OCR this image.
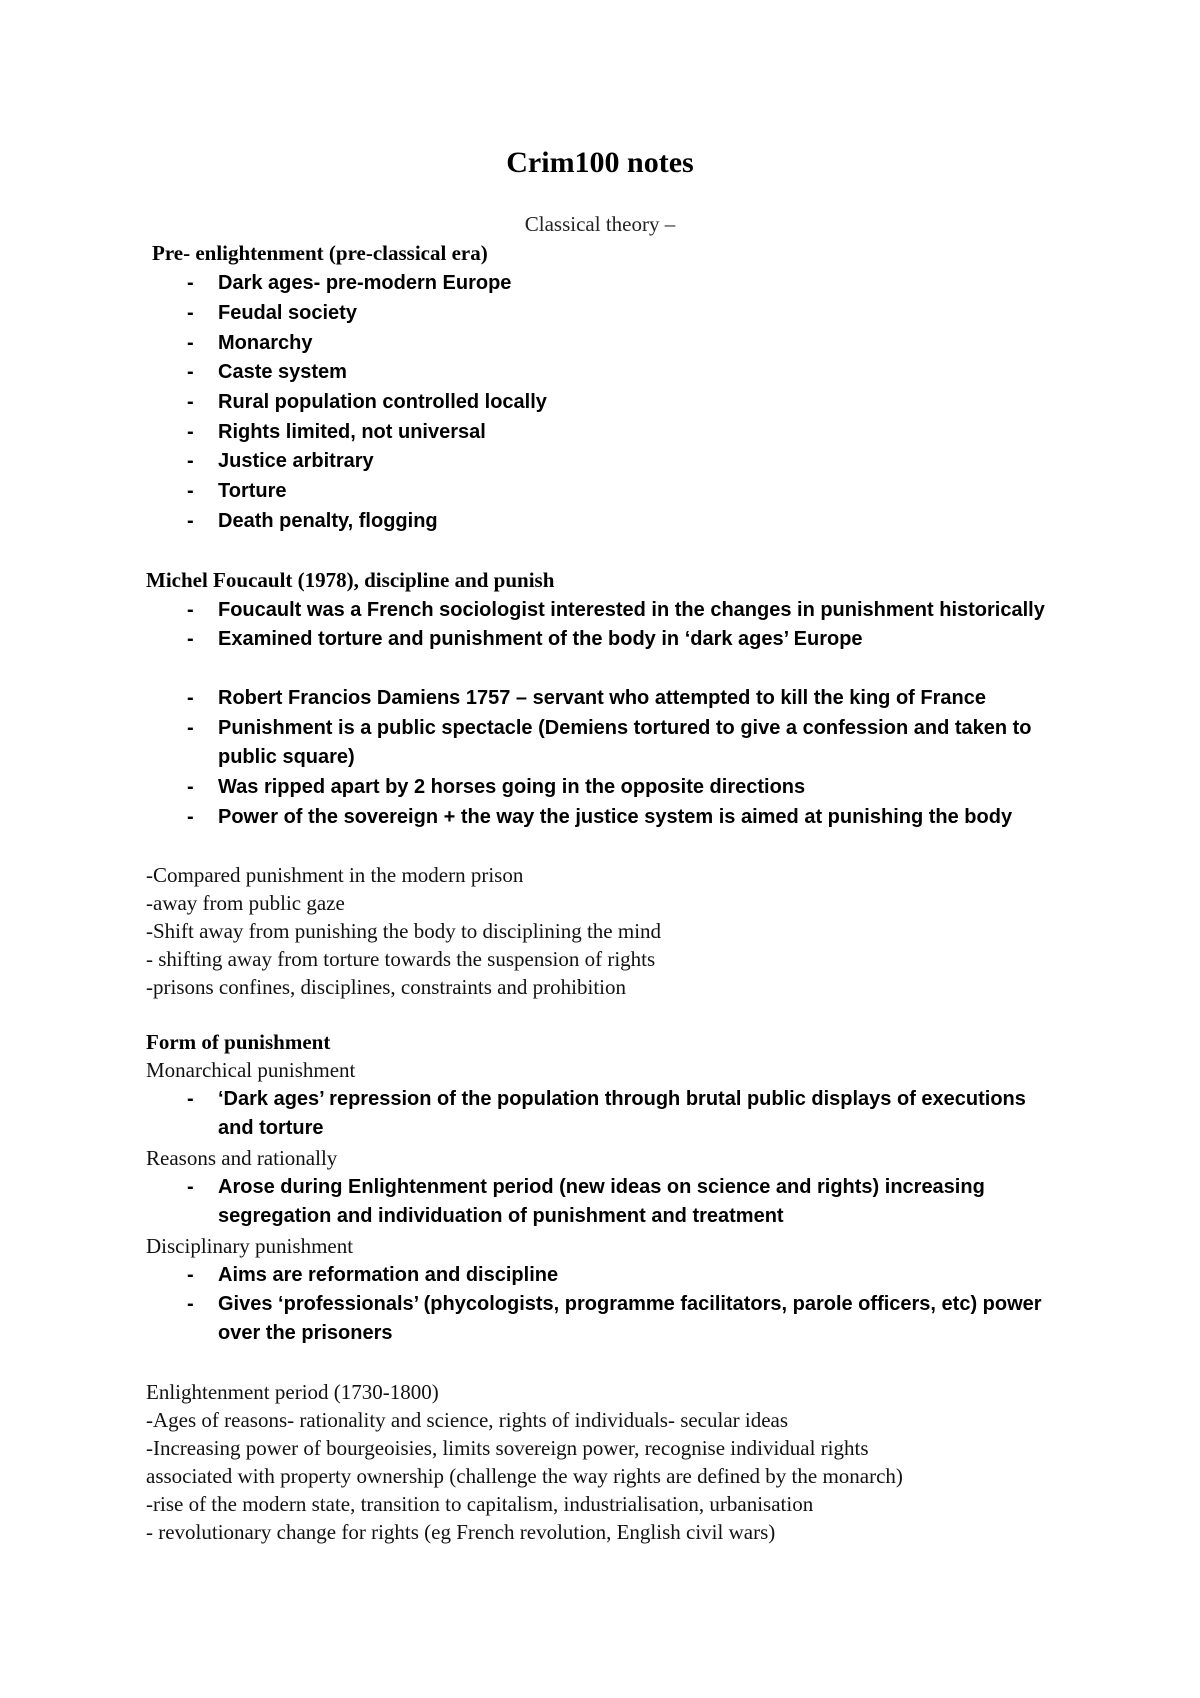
Crim100 notes
Classical theory –
Pre- enlightenment (pre-classical era)
- Dark ages- pre-modern Europe
- Feudal society
- Monarchy
- Caste system
- Rural population controlled locally
- Rights limited, not universal
- Justice arbitrary
- Torture
- Death penalty, flogging
Michel Foucault (1978), discipline and punish
- Foucault was a French sociologist interested in the changes in punishment historically
- Examined torture and punishment of the body in ‘dark ages’ Europe
- Robert Francios Damiens 1757 – servant who attempted to kill the king of France
- Punishment is a public spectacle (Demiens tortured to give a confession and taken to
public square)
- Was ripped apart by 2 horses going in the opposite directions
- Power of the sovereign + the way the justice system is aimed at punishing the body
-Compared punishment in the modern prison
-away from public gaze
-Shift away from punishing the body to disciplining the mind
- shifting away from torture towards the suspension of rights
-prisons confines, disciplines, constraints and prohibition
Form of punishment
Monarchical punishment
- ‘Dark ages’ repression of the population through brutal public displays of executions
and torture
Reasons and rationally
- Arose during Enlightenment period (new ideas on science and rights) increasing
segregation and individuation of punishment and treatment
Disciplinary punishment
- Aims are reformation and discipline
- Gives ‘professionals’ (phycologists, programme facilitators, parole officers, etc) power
over the prisoners
Enlightenment period (1730-1800)
-Ages of reasons- rationality and science, rights of individuals- secular ideas
-Increasing power of bourgeoisies, limits sovereign power, recognise individual rights
associated with property ownership (challenge the way rights are defined by the monarch)
-rise of the modern state, transition to capitalism, industrialisation, urbanisation
- revolutionary change for rights (eg French revolution, English civil wars)
